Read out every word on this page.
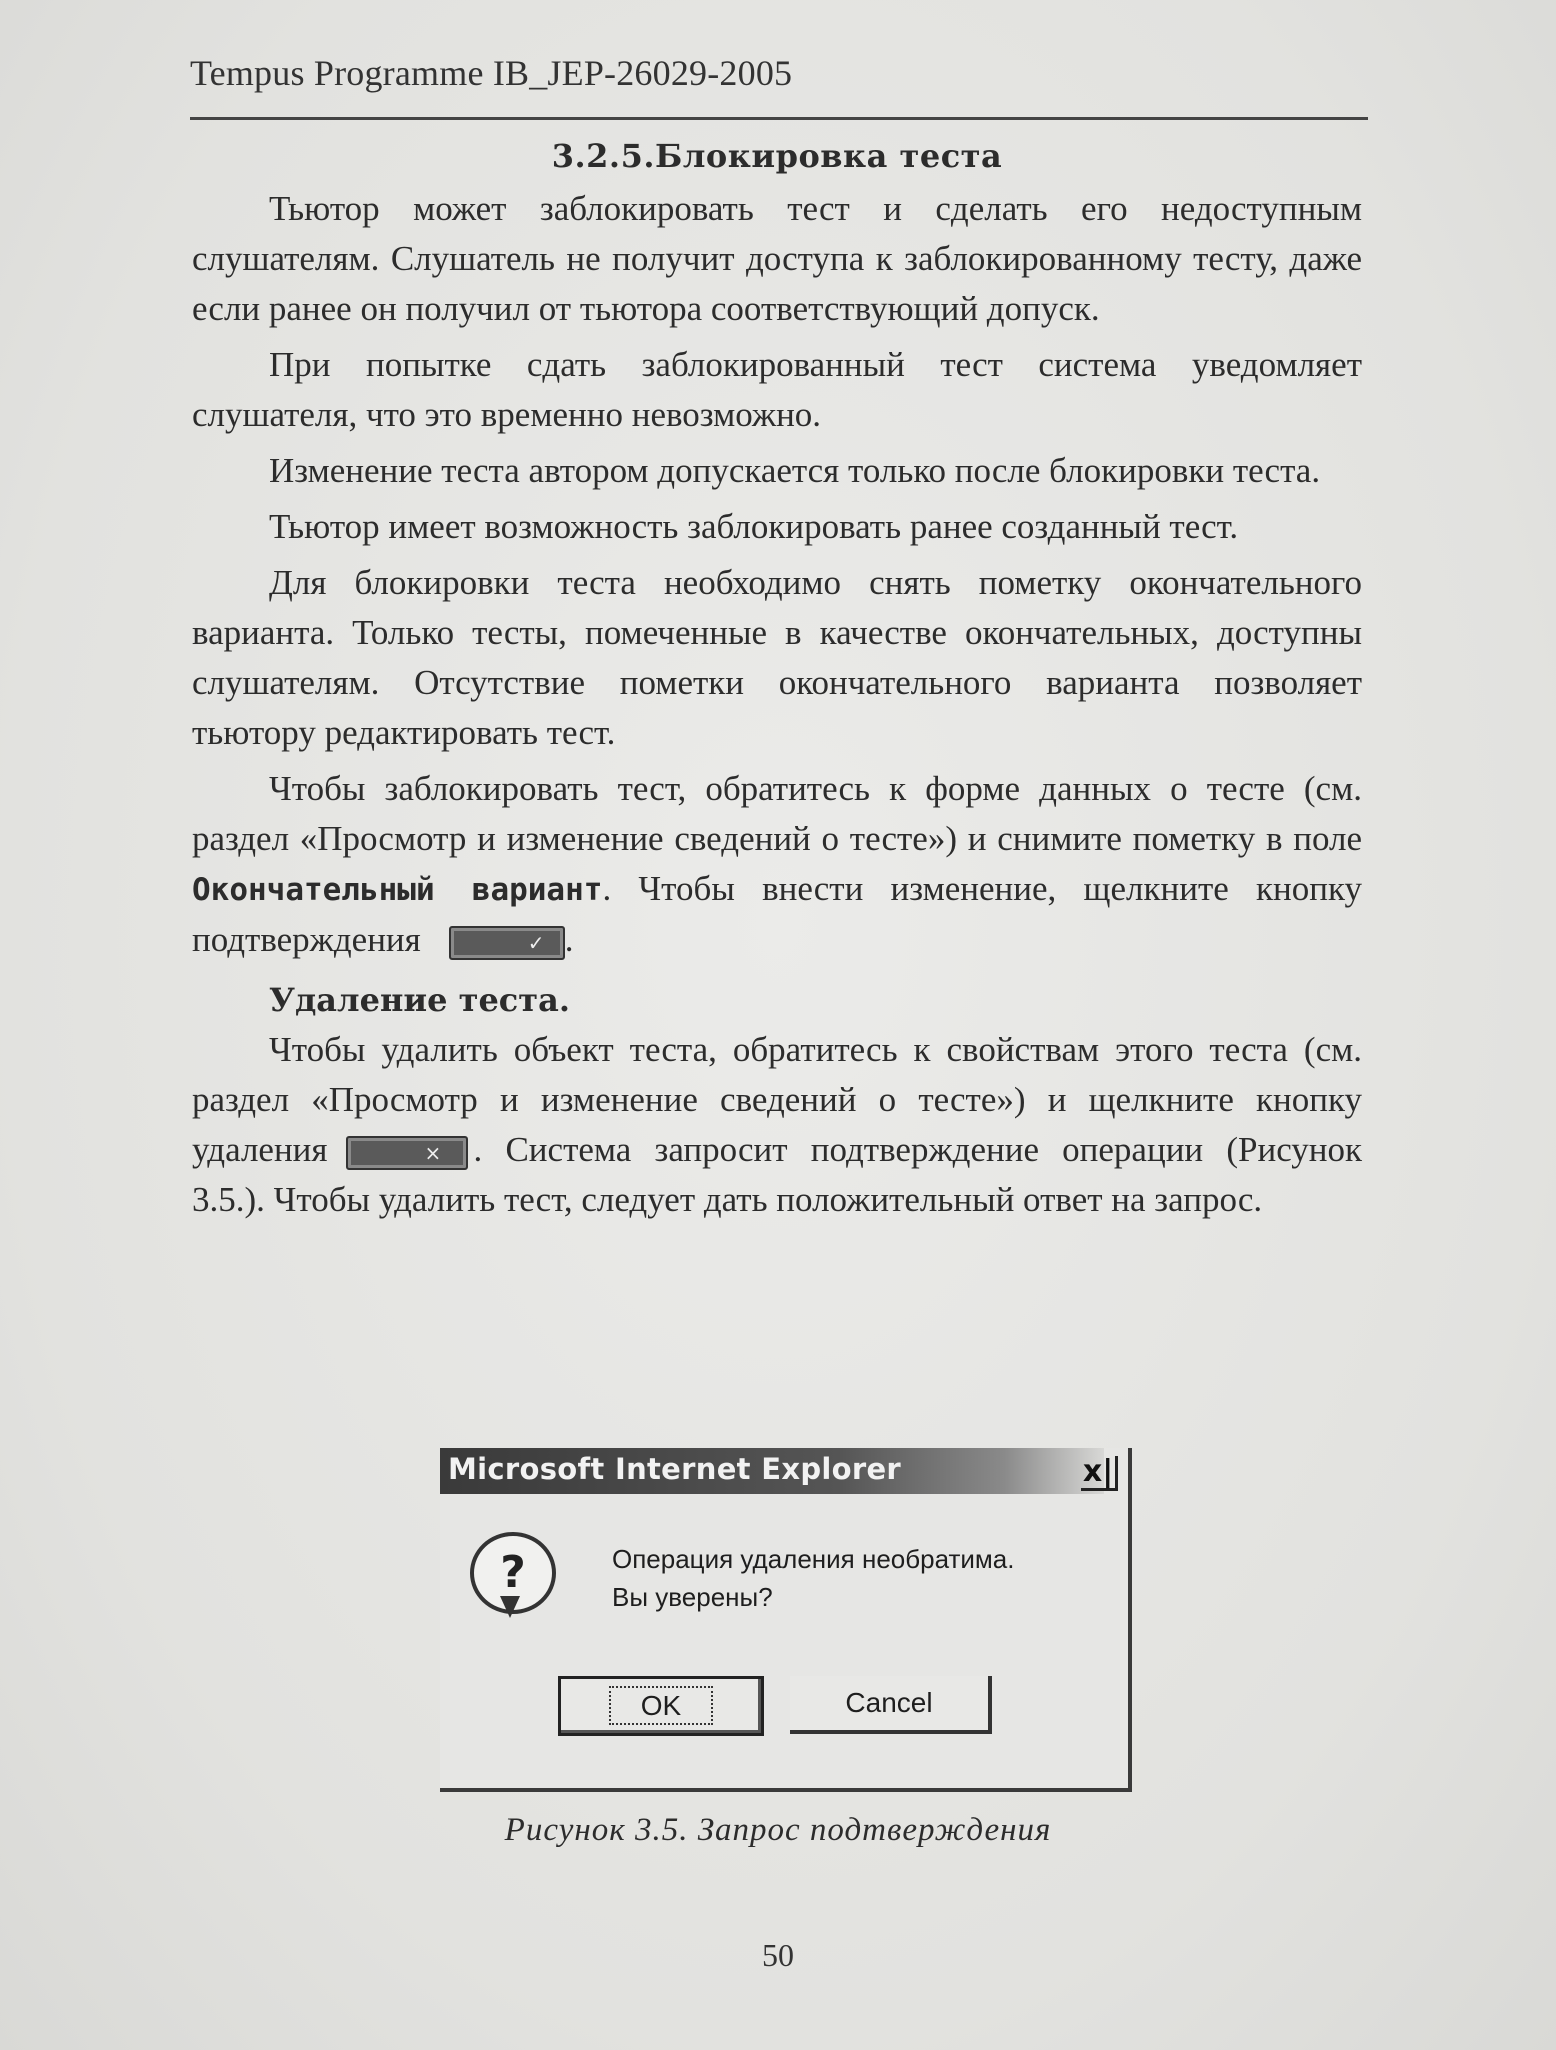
Tempus Programme IB_JEP-26029-2005

3.2.5.Блокировка теста

Тьютор может заблокировать тест и сделать его недоступным слушателям. Слушатель не получит доступа к заблокированному тесту, даже если ранее он получил от тьютора соответствующий допуск.

При попытке сдать заблокированный тест система уведомляет слушателя, что это временно невозможно.

Изменение теста автором допускается только после блокировки теста.

Тьютор имеет возможность заблокировать ранее созданный тест.

Для блокировки теста необходимо снять пометку окончательного варианта. Только тесты, помеченные в качестве окончательных, доступны слушателям. Отсутствие пометки окончательного варианта позволяет тьютору редактировать тест.

Чтобы заблокировать тест, обратитесь к форме данных о тесте (см. раздел «Просмотр и изменение сведений о тесте») и снимите пометку в поле Окончательный вариант. Чтобы внести изменение, щелкните кнопку подтверждения	✓ .

Удаление теста.

Чтобы удалить объект теста, обратитесь к свойствам этого теста (см. раздел «Просмотр и изменение сведений о тесте») и щелкните кнопку удаления	× . Система запросит подтверждение операции (Рисунок 3.5.). Чтобы удалить тест, следует дать положительный ответ на запрос.

Microsoft Internet Explorer	x|
?	Операция удаления необратима.
Вы уверены?
OK	Cancel
Рисунок 3.5. Запрос подтверждения
50
